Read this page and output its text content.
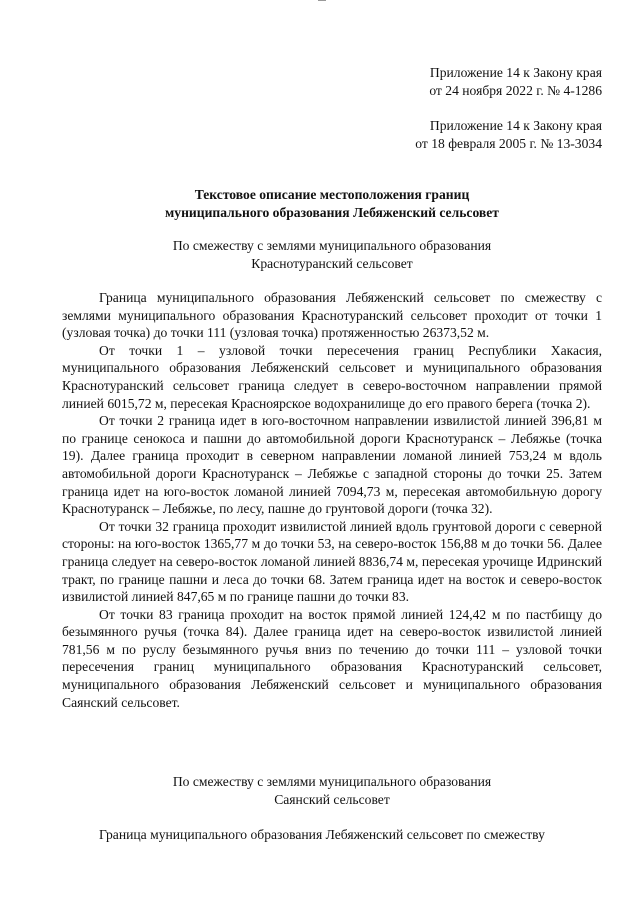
Приложение 14 к Закону края
от 24 ноября 2022 г. № 4-1286
Приложение 14 к Закону края
от 18 февраля 2005 г. № 13-3034
Текстовое описание местоположения границ
муниципального образования Лебяженский сельсовет
По смежеству с землями муниципального образования
Краснотуранский сельсовет

Граница муниципального образования Лебяженский сельсовет по смежеству с землями муниципального образования Краснотуранский сельсовет проходит от точки 1 (узловая точка) до точки 111 (узловая точка) протяженностью 26373,52 м.

От точки 1 – узловой точки пересечения границ Республики Хакасия, муниципального образования Лебяженский сельсовет и муниципального образования Краснотуранский сельсовет граница следует в северо-восточном направлении прямой линией 6015,72 м, пересекая Красноярское водохранилище до его правого берега (точка 2).

От точки 2 граница идет в юго-восточном направлении извилистой линией 396,81 м по границе сенокоса и пашни до автомобильной дороги Краснотуранск – Лебяжье (точка 19). Далее граница проходит в северном направлении ломаной линией 753,24 м вдоль автомобильной дороги Краснотуранск – Лебяжье с западной стороны до точки 25. Затем граница идет на юго-восток ломаной линией 7094,73 м, пересекая автомобильную дорогу Краснотуранск – Лебяжье, по лесу, пашне до грунтовой дороги (точка 32).

От точки 32 граница проходит извилистой линией вдоль грунтовой дороги с северной стороны: на юго-восток 1365,77 м до точки 53, на северо-восток 156,88 м до точки 56. Далее граница следует на северо-восток ломаной линией 8836,74 м, пересекая урочище Идринский тракт, по границе пашни и леса до точки 68. Затем граница идет на восток и северо-восток извилистой линией 847,65 м по границе пашни до точки 83.

От точки 83 граница проходит на восток прямой линией 124,42 м по пастбищу до безымянного ручья (точка 84). Далее граница идет на северо-восток извилистой линией 781,56 м по руслу безымянного ручья вниз по течению до точки 111 – узловой точки пересечения границ муниципального образования Краснотуранский сельсовет, муниципального образования Лебяженский сельсовет и муниципального образования Саянский сельсовет.

По смежеству с землями муниципального образования
Саянский сельсовет

Граница муниципального образования Лебяженский сельсовет по смежеству
